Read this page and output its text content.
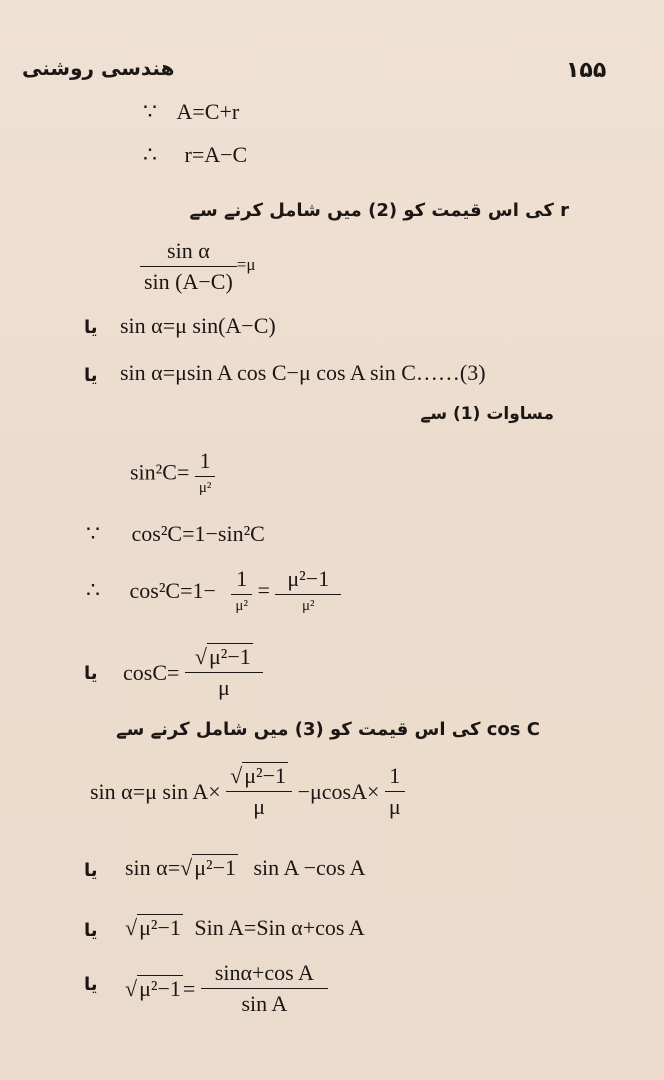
هندسی روشنی	۱۵۵
∵ A=C+r
∴ r=A−C
r کی اس قیمت کو (2) میں شامل کرنے سے
$\frac{\text{sin α}}{\sin (A-C)} =\mu$
یا sin α=μ sin(A−C)
یا sin α=μsin A cos C−μ cos A sin C……(3)
مساوات (1) سے
$\sin^2C= \frac{1}{\text{μ²}}$
∵ cos²C=1−sin²C
∴ $\cos^2C=1- \frac{1}{\text{μ²}} = \frac{\text{μ²−1}}{\text{μ²}}$
یا $\cos C= \frac{\text{√μ²−1}}{\mu}$
cos C کی اس قیمت کو (3) میں شامل کرنے سے
sin α=μ $\sin A\times \frac{\text{√μ²−1}}{\mu} -\mu\cos A\times \frac{1}{\mu}$
یا sin α=√μ²−1 sin A −cos A
یا √μ²−1 Sin A=Sin α+cos A
یا $√\mu^2-1= \frac{\text{sinα+cos A}}{\text{sin A}}$
